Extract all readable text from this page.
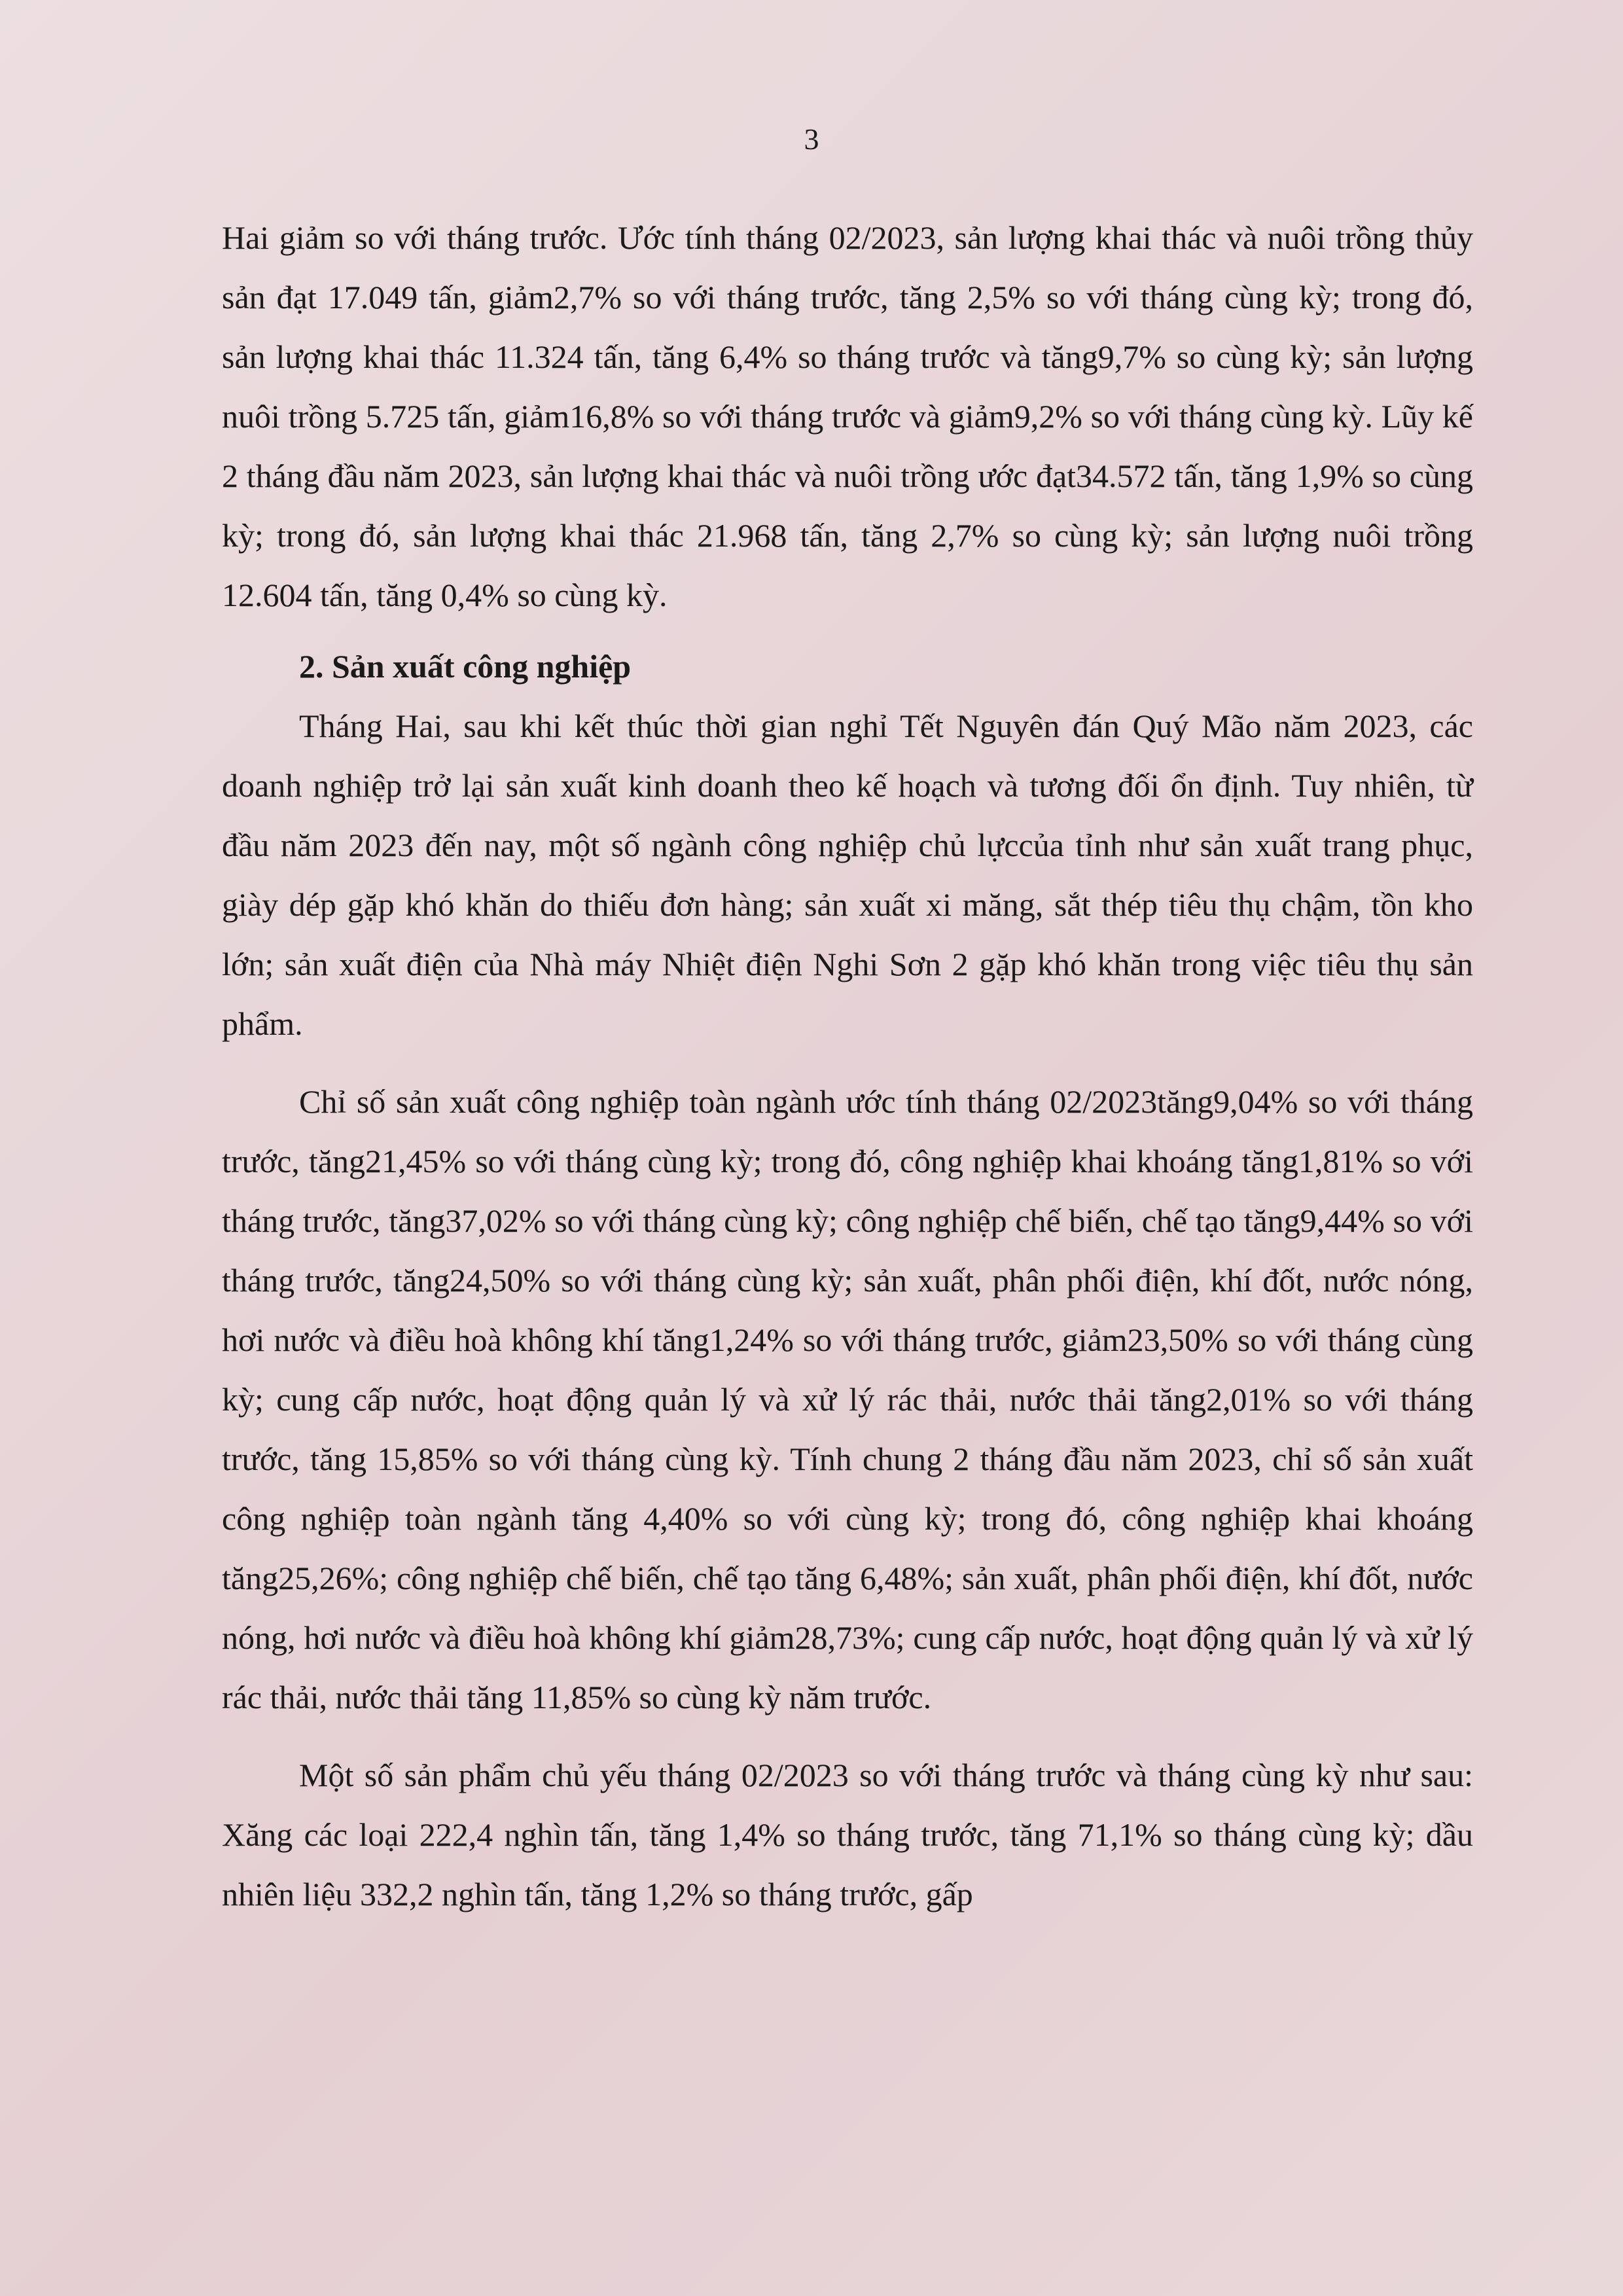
3

Hai giảm so với tháng trước. Ước tính tháng 02/2023, sản lượng khai thác và nuôi trồng thủy sản đạt 17.049 tấn, giảm2,7% so với tháng trước, tăng 2,5% so với tháng cùng kỳ; trong đó, sản lượng khai thác 11.324 tấn, tăng 6,4% so tháng trước và tăng9,7% so cùng kỳ; sản lượng nuôi trồng 5.725 tấn, giảm16,8% so với tháng trước và giảm9,2% so với tháng cùng kỳ. Lũy kế 2 tháng đầu năm 2023, sản lượng khai thác và nuôi trồng ước đạt34.572 tấn, tăng 1,9% so cùng kỳ; trong đó, sản lượng khai thác 21.968 tấn, tăng 2,7% so cùng kỳ; sản lượng nuôi trồng 12.604 tấn, tăng 0,4% so cùng kỳ.

2. Sản xuất công nghiệp

Tháng Hai, sau khi kết thúc thời gian nghỉ Tết Nguyên đán Quý Mão năm 2023, các doanh nghiệp trở lại sản xuất kinh doanh theo kế hoạch và tương đối ổn định. Tuy nhiên, từ đầu năm 2023 đến nay, một số ngành công nghiệp chủ lựccủa tỉnh như sản xuất trang phục, giày dép gặp khó khăn do thiếu đơn hàng; sản xuất xi măng, sắt thép tiêu thụ chậm, tồn kho lớn; sản xuất điện của Nhà máy Nhiệt điện Nghi Sơn 2 gặp khó khăn trong việc tiêu thụ sản phẩm.

Chỉ số sản xuất công nghiệp toàn ngành ước tính tháng 02/2023tăng9,04% so với tháng trước, tăng21,45% so với tháng cùng kỳ; trong đó, công nghiệp khai khoáng tăng1,81% so với tháng trước, tăng37,02% so với tháng cùng kỳ; công nghiệp chế biến, chế tạo tăng9,44% so với tháng trước, tăng24,50% so với tháng cùng kỳ; sản xuất, phân phối điện, khí đốt, nước nóng, hơi nước và điều hoà không khí tăng1,24% so với tháng trước, giảm23,50% so với tháng cùng kỳ; cung cấp nước, hoạt động quản lý và xử lý rác thải, nước thải tăng2,01% so với tháng trước, tăng 15,85% so với tháng cùng kỳ. Tính chung 2 tháng đầu năm 2023, chỉ số sản xuất công nghiệp toàn ngành tăng 4,40% so với cùng kỳ; trong đó, công nghiệp khai khoáng tăng25,26%; công nghiệp chế biến, chế tạo tăng 6,48%; sản xuất, phân phối điện, khí đốt, nước nóng, hơi nước và điều hoà không khí giảm28,73%; cung cấp nước, hoạt động quản lý và xử lý rác thải, nước thải tăng 11,85% so cùng kỳ năm trước.

Một số sản phẩm chủ yếu tháng 02/2023 so với tháng trước và tháng cùng kỳ như sau: Xăng các loại 222,4 nghìn tấn, tăng 1,4% so tháng trước, tăng 71,1% so tháng cùng kỳ; dầu nhiên liệu 332,2 nghìn tấn, tăng 1,2% so tháng trước, gấp
